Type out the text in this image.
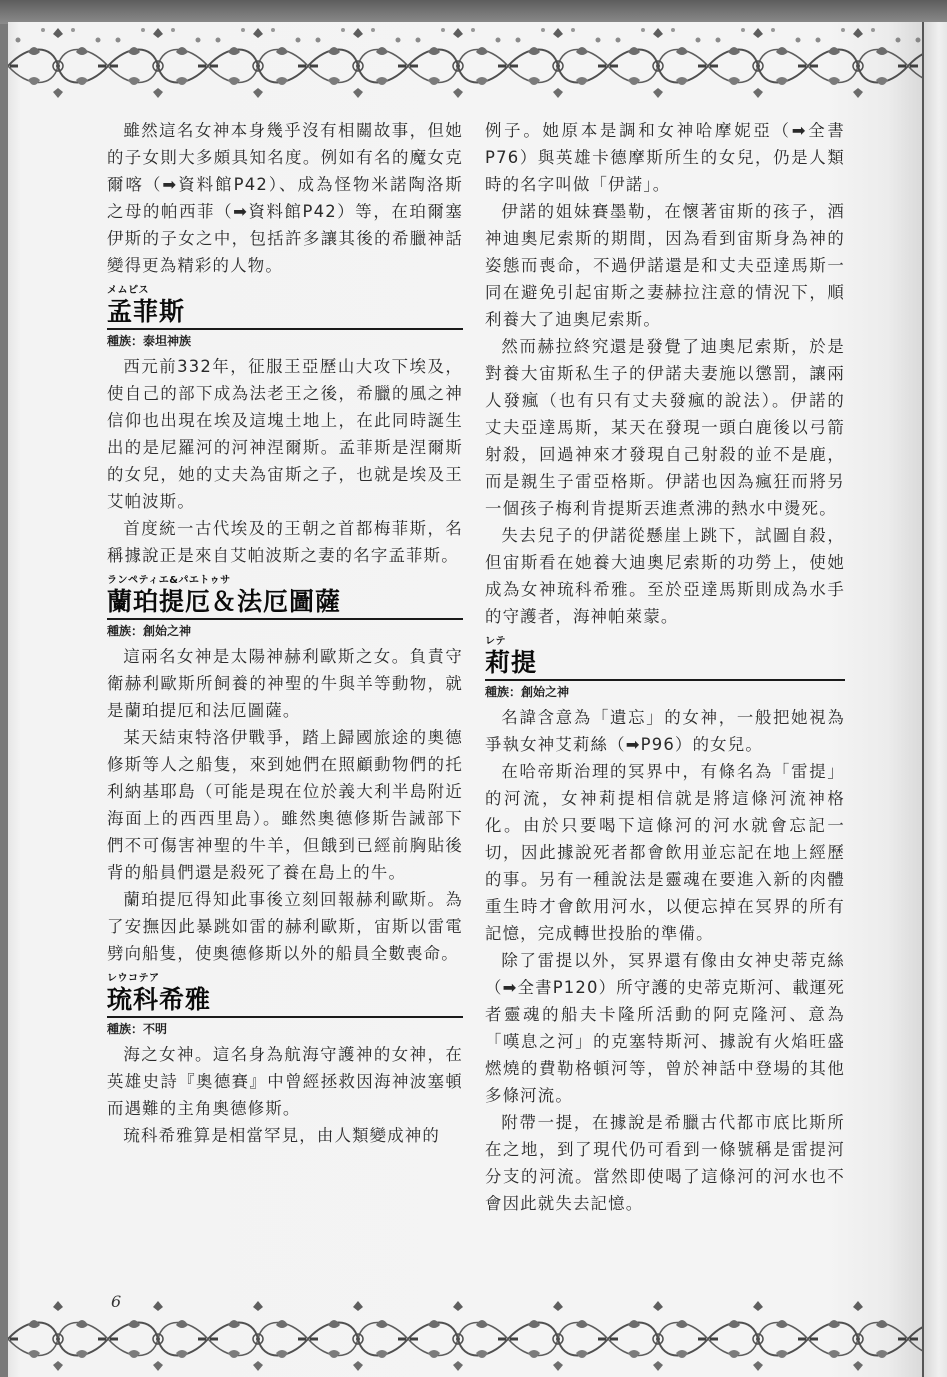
雖然這名女神本身幾乎沒有相關故事，但她的子女則大多頗具知名度。例如有名的魔女克爾喀（➡資料館P42）、成為怪物米諾陶洛斯之母的帕西菲（➡資料館P42）等，在珀爾塞伊斯的子女之中，包括許多讓其後的希臘神話變得更為精彩的人物。

メムピス
孟菲斯
種族：泰坦神族

西元前332年，征服王亞歷山大攻下埃及，使自己的部下成為法老王之後，希臘的風之神信仰也出現在埃及這塊土地上，在此同時誕生出的是尼羅河的河神涅爾斯。孟菲斯是涅爾斯的女兒，她的丈夫為宙斯之子，也就是埃及王艾帕波斯。

首度統一古代埃及的王朝之首都梅菲斯，名稱據說正是來自艾帕波斯之妻的名字孟菲斯。

ランペティエ&パエトゥサ
蘭珀提厄＆法厄圖薩
種族：創始之神

這兩名女神是太陽神赫利歐斯之女。負責守衛赫利歐斯所飼養的神聖的牛與羊等動物，就是蘭珀提厄和法厄圖薩。

某天結束特洛伊戰爭，踏上歸國旅途的奧德修斯等人之船隻，來到她們在照顧動物們的托利納基耶島（可能是現在位於義大利半島附近海面上的西西里島）。雖然奧德修斯告誡部下們不可傷害神聖的牛羊，但餓到已經前胸貼後背的船員們還是殺死了養在島上的牛。

蘭珀提厄得知此事後立刻回報赫利歐斯。為了安撫因此暴跳如雷的赫利歐斯，宙斯以雷電劈向船隻，使奧德修斯以外的船員全數喪命。

レウコテア
琉科希雅
種族：不明

海之女神。這名身為航海守護神的女神，在英雄史詩『奧德賽』中曾經拯救因海神波塞頓而遇難的主角奧德修斯。

琉科希雅算是相當罕見，由人類變成神的

例子。她原本是調和女神哈摩妮亞（➡全書P76）與英雄卡德摩斯所生的女兒，仍是人類時的名字叫做「伊諾」。

伊諾的姐妹賽墨勒，在懷著宙斯的孩子，酒神迪奧尼索斯的期間，因為看到宙斯身為神的姿態而喪命，不過伊諾還是和丈夫亞達馬斯一同在避免引起宙斯之妻赫拉注意的情況下，順利養大了迪奧尼索斯。

然而赫拉終究還是發覺了迪奧尼索斯，於是對養大宙斯私生子的伊諾夫妻施以懲罰，讓兩人發瘋（也有只有丈夫發瘋的說法）。伊諾的丈夫亞達馬斯，某天在發現一頭白鹿後以弓箭射殺，回過神來才發現自己射殺的並不是鹿，而是親生子雷亞格斯。伊諾也因為瘋狂而將另一個孩子梅利肯提斯丟進煮沸的熱水中燙死。

失去兒子的伊諾從懸崖上跳下，試圖自殺，但宙斯看在她養大迪奧尼索斯的功勞上，使她成為女神琉科希雅。至於亞達馬斯則成為水手的守護者，海神帕萊蒙。

レテ
莉提
種族：創始之神

名諱含意為「遺忘」的女神，一般把她視為爭執女神艾莉絲（➡P96）的女兒。

在哈帝斯治理的冥界中，有條名為「雷提」的河流，女神莉提相信就是將這條河流神格化。由於只要喝下這條河的河水就會忘記一切，因此據說死者都會飲用並忘記在地上經歷的事。另有一種說法是靈魂在要進入新的肉體重生時才會飲用河水，以便忘掉在冥界的所有記憶，完成轉世投胎的準備。

除了雷提以外，冥界還有像由女神史蒂克絲（➡全書P120）所守護的史蒂克斯河、載運死者靈魂的船夫卡隆所活動的阿克隆河、意為「嘆息之河」的克塞特斯河、據說有火焰旺盛燃燒的費勒格頓河等，曾於神話中登場的其他多條河流。

附帶一提，在據說是希臘古代都市底比斯所在之地，到了現代仍可看到一條號稱是雷提河分支的河流。當然即使喝了這條河的河水也不會因此就失去記憶。
